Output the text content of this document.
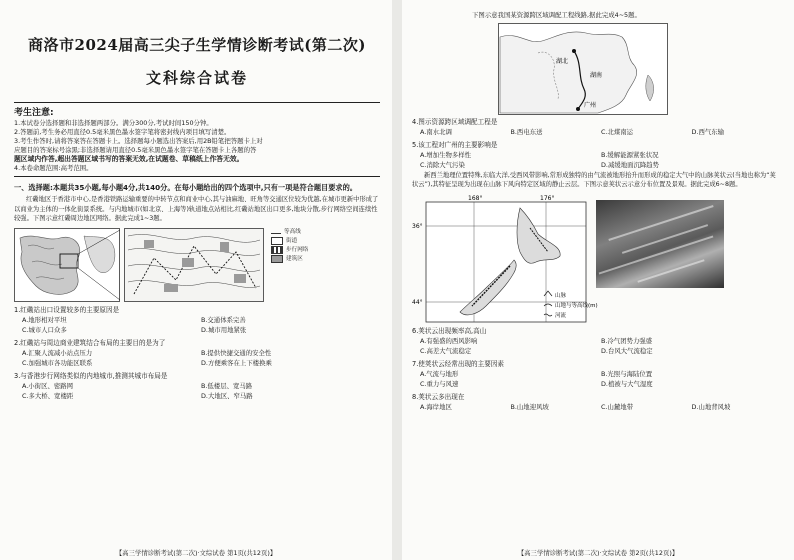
商洛市2024届高三尖子生学情诊断考试(第二次)
文科综合试卷
考生注意:
1.本试卷分选择题和非选择题两部分。满分300分,考试时间150分钟。
2.答题前,考生务必用直径0.5毫米黑色墨水签字笔将密封线内项目填写清楚。
3.考生作答时,请将答案答在答题卡上。选择题每小题选出答案后,用2B铅笔把答题卡上对
应题目的答案标号涂黑;非选择题请用直径0.5毫米黑色墨水签字笔在答题卡上各题的答
题区域内作答,超出答题区域书写的答案无效,在试题卷、草稿纸上作答无效。
4.本卷命题范围:高考范围。
一、选择题:本题共35小题,每小题4分,共140分。在每小题给出的四个选项中,只有一项是符合题目要求的。

红磡地区于香港市中心,是香港铁路运输重要的中转节点和商业中心,其与油麻地、旺角等交通区位较为优越,在城市更新中形成了以商业为主体的一体化街景系统。与内地城市(如北京、上海等)轨道地点站相比,红磡站地区出口更多,地块分散,步行网络空间连续性较强。下图示意红磡周边地区网络。据此完成1~3题。

等高线
街道
步行网络
建筑区
1.红磡站出口设置较多的主要原因是
A.地形相对平坦	B.交通体系完善
C.城市人口众多	D.城市用地紧张
2.红磡站与周边商业建筑结合布局的主要目的是为了
A.汇聚人流减小站点压力	B.提供快捷交通的安全性
C.加强城市各功能区联系	D.方便乘客在上下楼换乘
3.与香港步行网络类似的内地城市,推测其城市布局是
A.小街区、密路网	B.低楼层、宽马路
C.多大桥、宽楼距	D.大地区、窄马路
【高三学情诊断考试(第二次)·文综试卷 第1页(共12页)】
下图示意我国某资源跨区域调配工程线路,据此完成4~5题。
湖北
湖南
广州
4.图示资源跨区域调配工程是
A.南水北调	B.西电东送	C.北煤南运	D.西气东输
5.该工程对广州的主要影响是
A.增加生物多样性	B.缓解能源紧张状况
C.消除大气污染	D.减缓地面沉降趋势

新西兰地理位置特殊,东临大洋,受西风带影响,常形成独特的由气流被地形抬升而形成的稳定大气中的山脉荚状云(当地也称为“荚状云”),其特征呈现为出现在山脉下风向特定区域的静止云层。下图示意荚状云示意分布位置及景观。据此完成6~8题。

168°	176°
36°
44°
山脉
山地与等高线(m)
河流
6.荚状云出现频率高,高山
A.有强盛的西风影响	B.冷气团势力强盛
C.高差大气流稳定	D.台风大气流稳定
7.使荚状云经常出现的主要因素
A.气流与地形	B.光照与海陆位置
C.重力与风速	D.植被与大气湿度
8.荚状云多出现在
A.海岸地区	B.山地迎风坡	C.山麓地带	D.山地背风坡
【高三学情诊断考试(第二次)·文综试卷 第2页(共12页)】
